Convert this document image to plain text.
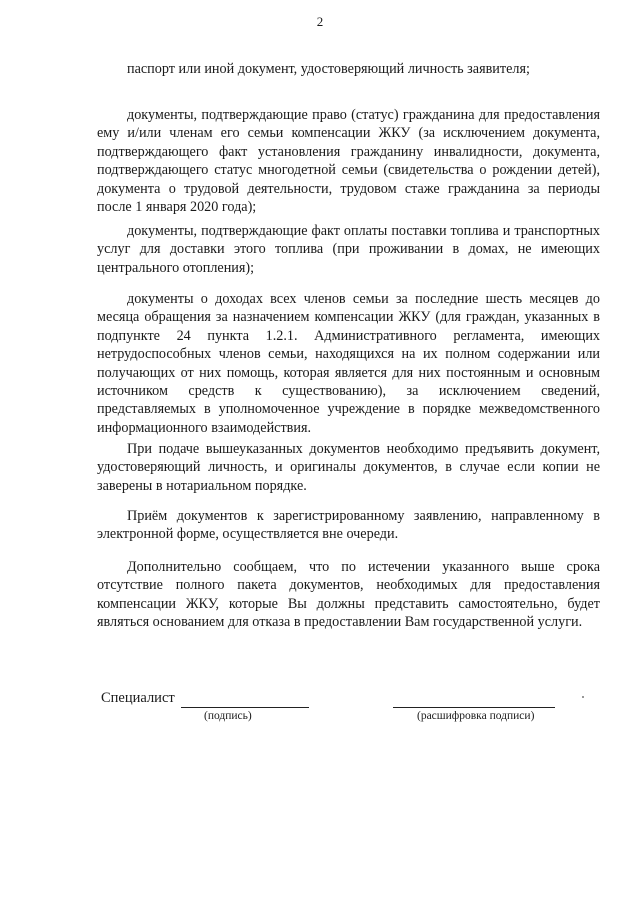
2

паспорт или иной документ, удостоверяющий личность заявителя;

документы, подтверждающие право (статус) гражданина для предоставления ему и/или членам его семьи компенсации ЖКУ (за исключением документа, подтверждающего факт установления гражданину инвалидности, документа, подтверждающего статус многодетной семьи (свидетельства о рождении детей), документа о трудовой деятельности, трудовом стаже гражданина за периоды после 1 января 2020 года);

документы, подтверждающие факт оплаты поставки топлива и транспортных услуг для доставки этого топлива (при проживании в домах, не имеющих центрального отопления);

документы о доходах всех членов семьи за последние шесть месяцев до месяца обращения за назначением компенсации ЖКУ (для граждан, указанных в подпункте 24 пункта 1.2.1. Административного регламента, имеющих нетрудоспособных членов семьи, находящихся на их полном содержании или получающих от них помощь, которая является для них постоянным и основным источником средств к существованию), за исключением сведений, представляемых в уполномоченное учреждение в порядке межведомственного информационного взаимодействия.

При подаче вышеуказанных документов необходимо предъявить документ, удостоверяющий личность, и оригиналы документов, в случае если копии не заверены в нотариальном порядке.

Приём документов к зарегистрированному заявлению, направленному в электронной форме, осуществляется вне очереди.

Дополнительно сообщаем, что по истечении указанного выше срока отсутствие полного пакета документов, необходимых для предоставления компенсации ЖКУ, которые Вы должны представить самостоятельно, будет являться основанием для отказа в предоставлении Вам государственной услуги.

Специалист
(подпись)	(расшифровка подписи)
